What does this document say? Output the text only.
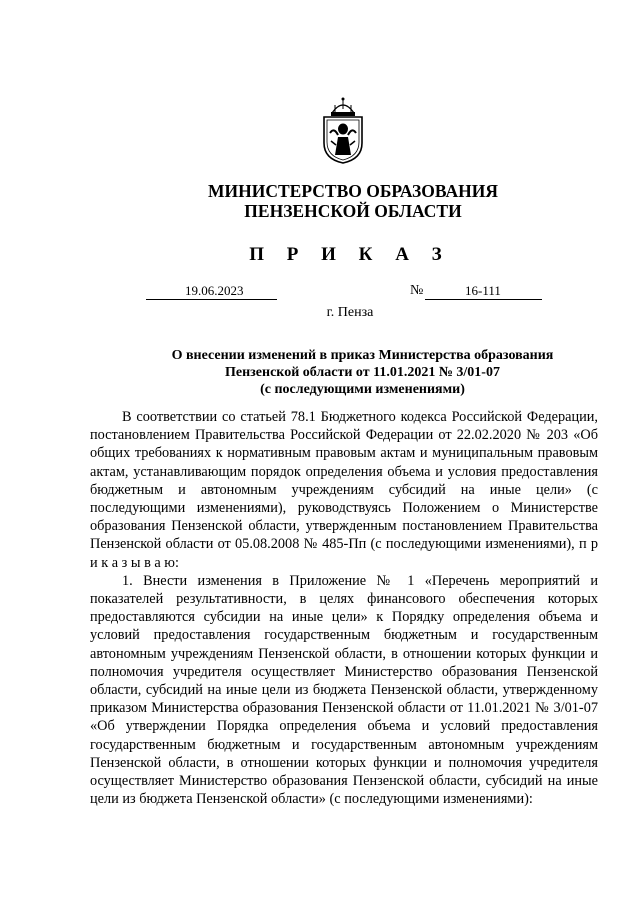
МИНИСТЕРСТВО ОБРАЗОВАНИЯ
ПЕНЗЕНСКОЙ ОБЛАСТИ
П Р И К А З
19.06.2023	№	16-111
г. Пенза
О внесении изменений в приказ Министерства образования
Пензенской области от 11.01.2021 № 3/01-07
(с последующими изменениями)

В соответствии со статьей 78.1 Бюджетного кодекса Российской Федерации, постановлением Правительства Российской Федерации от 22.02.2020 № 203 «Об общих требованиях к нормативным правовым актам и муниципальным правовым актам, устанавливающим порядок определения объема и условия предоставления бюджетным и автономным учреждениям субсидий на иные цели» (с последующими изменениями), руководствуясь Положением о Министерстве образования Пензенской области, утвержденным постановлением Правительства Пензенской области от 05.08.2008 № 485-Пп (с последующими изменениями), п р и к а з ы в а ю:

1. Внести изменения в Приложение № 1 «Перечень мероприятий и показателей результативности, в целях финансового обеспечения которых предоставляются субсидии на иные цели» к Порядку определения объема и условий предоставления государственным бюджетным и государственным автономным учреждениям Пензенской области, в отношении которых функции и полномочия учредителя осуществляет Министерство образования Пензенской области, субсидий на иные цели из бюджета Пензенской области, утвержденному приказом Министерства образования Пензенской области от 11.01.2021 № 3/01-07 «Об утверждении Порядка определения объема и условий предоставления государственным бюджетным и государственным автономным учреждениям Пензенской области, в отношении которых функции и полномочия учредителя осуществляет Министерство образования Пензенской области, субсидий на иные цели из бюджета Пензенской области» (с последующими изменениями):
